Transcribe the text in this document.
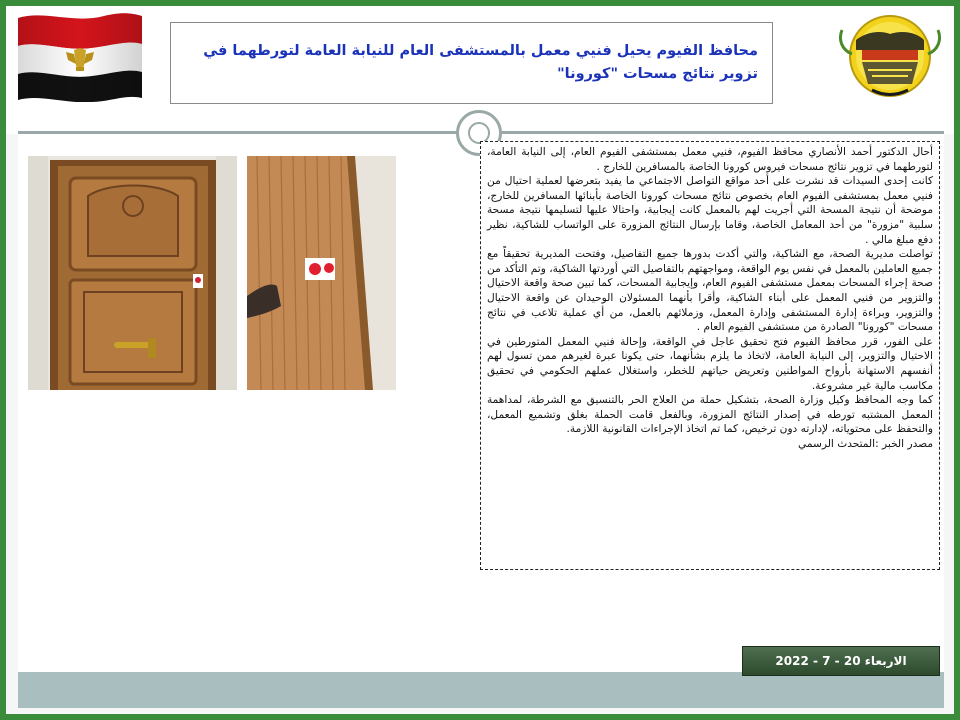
محافظ الفيوم يحيل فنيي معمل بالمستشفى العام للنيابة العامة لتورطهما في تزوير نتائج مسحات "كورونا"

أحال الدكتور أحمد الأنصاري محافظ الفيوم، فنيي معمل بمستشفى الفيوم العام، إلى النيابة العامة، لتورطهما في تزوير نتائج مسحات فيروس كورونا الخاصة بالمسافرين للخارج .

كانت إحدى السيدات قد نشرت على أحد مواقع التواصل الاجتماعي ما يفيد بتعرضها لعملية احتيال من فنيي معمل بمستشفى الفيوم العام بخصوص نتائج مسحات كورونا الخاصة بأبنائها المسافرين للخارج، موضحة أن نتيجة المسحة التي أجريت لهم بالمعمل كانت إيجابية، واحتالا عليها لتسليمها نتيجة مسحة سلبية "مزورة" من أحد المعامل الخاصة، وقاما بإرسال النتائج المزورة على الواتساب للشاكية، نظير دفع مبلغ مالي .

تواصلت مديرية الصحة، مع الشاكية، والتي أكدت بدورها جميع التفاصيل، وفتحت المديرية تحقيقاً مع جميع العاملين بالمعمل في نفس يوم الواقعة، ومواجهتهم بالتفاصيل التي أوردتها الشاكية، وتم التأكد من صحة إجراء المسحات بمعمل مستشفى الفيوم العام، وإيجابية المسحات، كما تبين صحة واقعة الاحتيال والتزوير من فنيي المعمل على أبناء الشاكية، وأقرا بأنهما المسئولان الوحيدان عن واقعة الاحتيال والتزوير، وبراءة إدارة المستشفى وإدارة المعمل، وزملائهم بالعمل، من أي عملية تلاعب في نتائج مسحات "كورونا" الصادرة من مستشفى الفيوم العام .

على الفور، قرر محافظ الفيوم فتح تحقيق عاجل في الواقعة، وإحالة فنيي المعمل المتورطين في الاحتيال والتزوير، إلى النيابة العامة، لاتخاذ ما يلزم بشأنهما، حتى يكونا عبرة لغيرهم ممن تسول لهم أنفسهم الاستهانة بأرواح المواطنين وتعريض حياتهم للخطر، واستغلال عملهم الحكومي في تحقيق مكاسب مالية غير مشروعة.

كما وجه المحافظ وكيل وزارة الصحة، بتشكيل حملة من العلاج الحر بالتنسيق مع الشرطة، لمداهمة المعمل المشتبه تورطه في إصدار النتائج المزورة، وبالفعل قامت الحملة بغلق وتشميع المعمل، والتحفظ على محتوياته، لإدارته دون ترخيص، كما تم اتخاذ الإجراءات القانونية اللازمة.

مصدر الخبر :المتحدث الرسمي

الاربعاء 20 - 7 - 2022
